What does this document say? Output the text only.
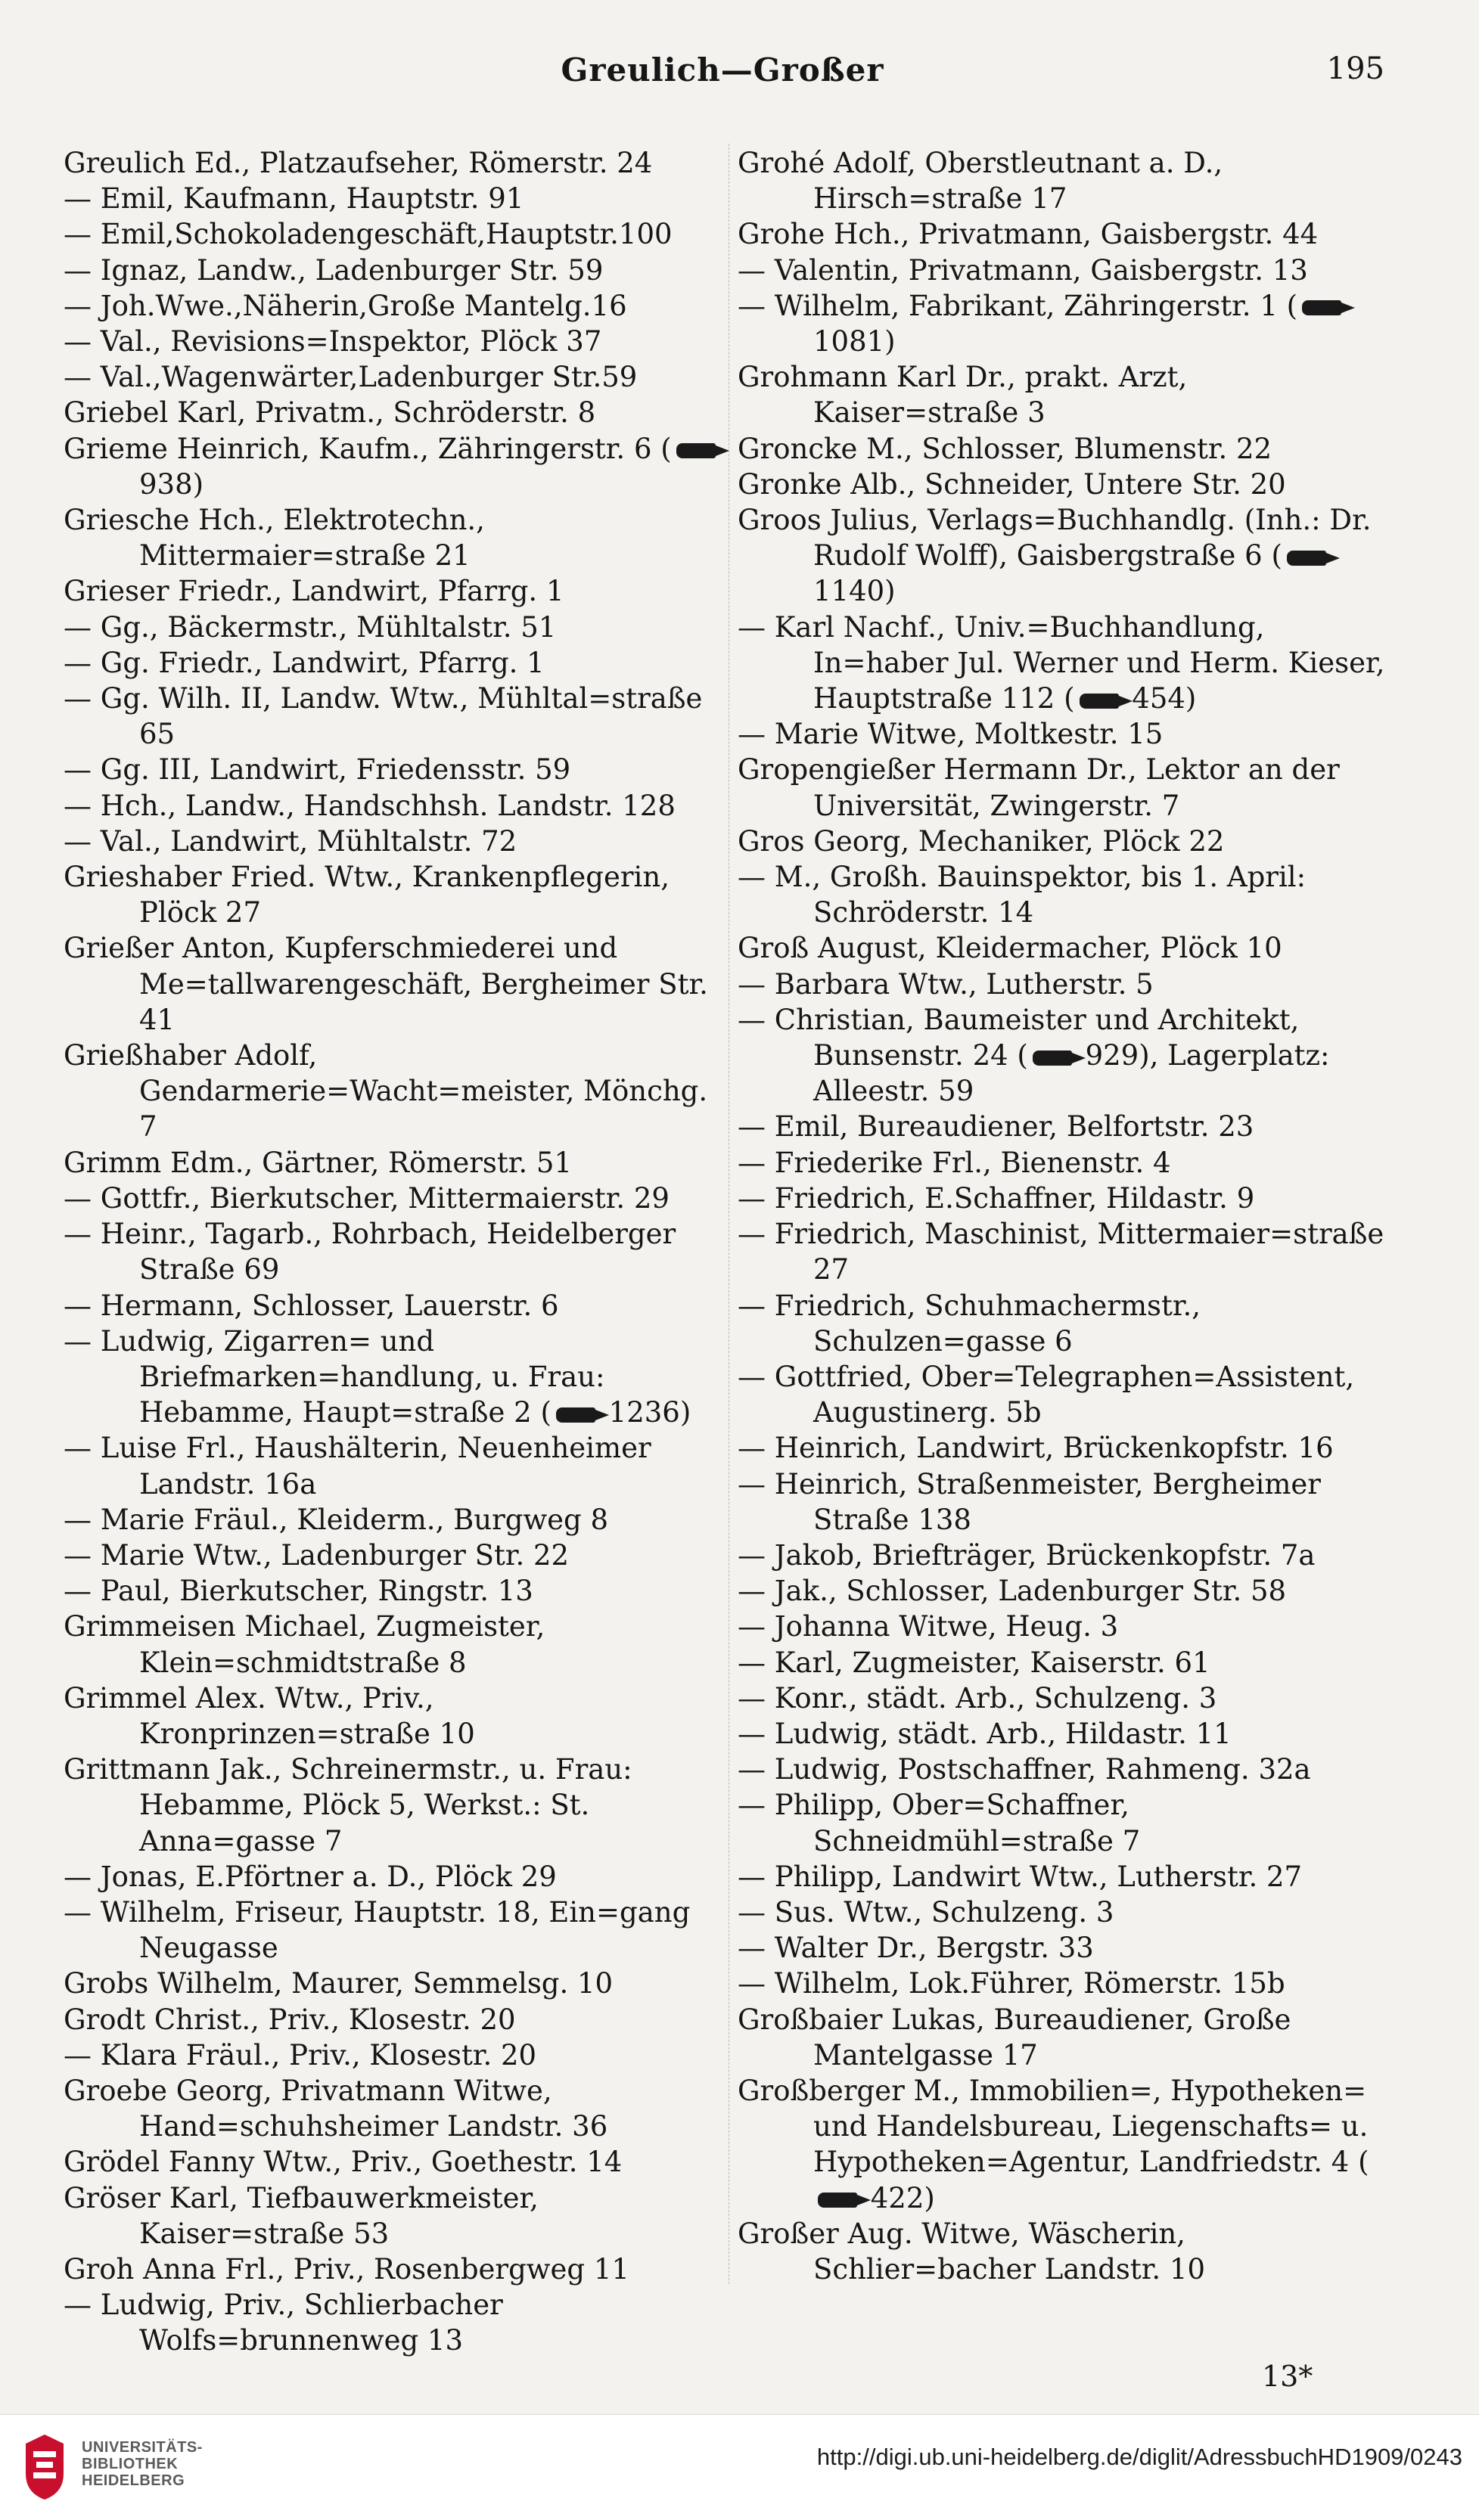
Greulich—Großer	195
Greulich Ed., Platzaufseher, Römerstr. 24
— Emil, Kaufmann, Hauptstr. 91
— Emil,Schokoladengeschäft,Hauptstr.100
— Ignaz, Landw., Ladenburger Str. 59
— Joh.Wwe.,Näherin,Große Mantelg.16
— Val., Revisions=Inspektor, Plöck 37
— Val.,Wagenwärter,Ladenburger Str.59
Griebel Karl, Privatm., Schröderstr. 8
Grieme Heinrich, Kaufm., Zähringerstr. 6 ( 938)
Griesche Hch., Elektrotechn., Mittermaier=straße 21
Grieser Friedr., Landwirt, Pfarrg. 1
— Gg., Bäckermstr., Mühltalstr. 51
— Gg. Friedr., Landwirt, Pfarrg. 1
— Gg. Wilh. II, Landw. Wtw., Mühltal=straße 65
— Gg. III, Landwirt, Friedensstr. 59
— Hch., Landw., Handschhsh. Landstr. 128
— Val., Landwirt, Mühltalstr. 72
Grieshaber Fried. Wtw., Krankenpflegerin, Plöck 27
Grießer Anton, Kupferschmiederei und Me=tallwarengeschäft, Bergheimer Str. 41
Grießhaber Adolf, Gendarmerie=Wacht=meister, Mönchg. 7
Grimm Edm., Gärtner, Römerstr. 51
— Gottfr., Bierkutscher, Mittermaierstr. 29
— Heinr., Tagarb., Rohrbach, Heidelberger Straße 69
— Hermann, Schlosser, Lauerstr. 6
— Ludwig, Zigarren= und Briefmarken=handlung, u. Frau: Hebamme, Haupt=straße 2 ( 1236)
— Luise Frl., Haushälterin, Neuenheimer Landstr. 16a
— Marie Fräul., Kleiderm., Burgweg 8
— Marie Wtw., Ladenburger Str. 22
— Paul, Bierkutscher, Ringstr. 13
Grimmeisen Michael, Zugmeister, Klein=schmidtstraße 8
Grimmel Alex. Wtw., Priv., Kronprinzen=straße 10
Grittmann Jak., Schreinermstr., u. Frau: Hebamme, Plöck 5, Werkst.: St. Anna=gasse 7
— Jonas, E.Pförtner a. D., Plöck 29
— Wilhelm, Friseur, Hauptstr. 18, Ein=gang Neugasse
Grobs Wilhelm, Maurer, Semmelsg. 10
Grodt Christ., Priv., Klosestr. 20
— Klara Fräul., Priv., Klosestr. 20
Groebe Georg, Privatmann Witwe, Hand=schuhsheimer Landstr. 36
Grödel Fanny Wtw., Priv., Goethestr. 14
Gröser Karl, Tiefbauwerkmeister, Kaiser=straße 53
Groh Anna Frl., Priv., Rosenbergweg 11
— Ludwig, Priv., Schlierbacher Wolfs=brunnenweg 13
Grohé Adolf, Oberstleutnant a. D., Hirsch=straße 17
Grohe Hch., Privatmann, Gaisbergstr. 44
— Valentin, Privatmann, Gaisbergstr. 13
— Wilhelm, Fabrikant, Zähringerstr. 1 ( 1081)
Grohmann Karl Dr., prakt. Arzt, Kaiser=straße 3
Groncke M., Schlosser, Blumenstr. 22
Gronke Alb., Schneider, Untere Str. 20
Groos Julius, Verlags=Buchhandlg. (Inh.: Dr. Rudolf Wolff), Gaisbergstraße 6 ( 1140)
— Karl Nachf., Univ.=Buchhandlung, In=haber Jul. Werner und Herm. Kieser, Hauptstraße 112 ( 454)
— Marie Witwe, Moltkestr. 15
Gropengießer Hermann Dr., Lektor an der Universität, Zwingerstr. 7
Gros Georg, Mechaniker, Plöck 22
— M., Großh. Bauinspektor, bis 1. April: Schröderstr. 14
Groß August, Kleidermacher, Plöck 10
— Barbara Wtw., Lutherstr. 5
— Christian, Baumeister und Architekt, Bunsenstr. 24 ( 929), Lagerplatz: Alleestr. 59
— Emil, Bureaudiener, Belfortstr. 23
— Friederike Frl., Bienenstr. 4
— Friedrich, E.Schaffner, Hildastr. 9
— Friedrich, Maschinist, Mittermaier=straße 27
— Friedrich, Schuhmachermstr., Schulzen=gasse 6
— Gottfried, Ober=Telegraphen=Assistent, Augustinerg. 5b
— Heinrich, Landwirt, Brückenkopfstr. 16
— Heinrich, Straßenmeister, Bergheimer Straße 138
— Jakob, Briefträger, Brückenkopfstr. 7a
— Jak., Schlosser, Ladenburger Str. 58
— Johanna Witwe, Heug. 3
— Karl, Zugmeister, Kaiserstr. 61
— Konr., städt. Arb., Schulzeng. 3
— Ludwig, städt. Arb., Hildastr. 11
— Ludwig, Postschaffner, Rahmeng. 32a
— Philipp, Ober=Schaffner, Schneidmühl=straße 7
— Philipp, Landwirt Wtw., Lutherstr. 27
— Sus. Wtw., Schulzeng. 3
— Walter Dr., Bergstr. 33
— Wilhelm, Lok.Führer, Römerstr. 15b
Großbaier Lukas, Bureaudiener, Große Mantelgasse 17
Großberger M., Immobilien=, Hypotheken= und Handelsbureau, Liegenschafts= u. Hypotheken=Agentur, Landfriedstr. 4 ( 422)
Großer Aug. Witwe, Wäscherin, Schlier=bacher Landstr. 10
13*
UNIVERSITÄTS-
BIBLIOTHEK
HEIDELBERG
http://digi.ub.uni-heidelberg.de/diglit/AdressbuchHD1909/0243
